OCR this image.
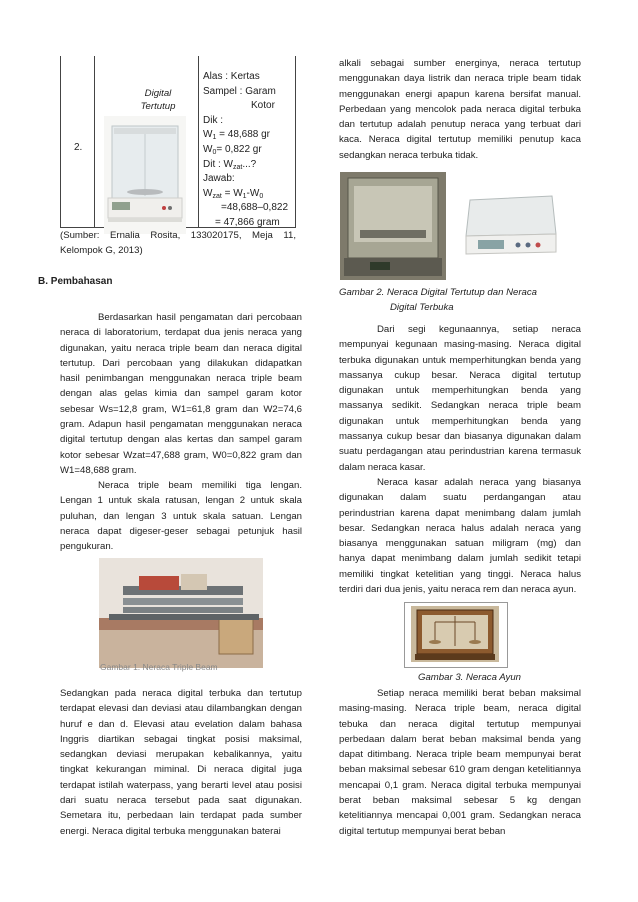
2.
Digital
Tertutup
Alas : Kertas
Sampel : Garam
Kotor
Dik :
$W_1 = 48,688$ gr
$W_0= 0,822$ gr
Dit : $W_{zat}$...?
Jawab:
$W_{zat} = W_1-W_0$
=48,688–0,822
= 47,866 gram
(Sumber: Ernalia Rosita, 133020175, Meja 11, Kelompok G, 2013)
B. Pembahasan

Berdasarkan hasil pengamatan dari percobaan neraca di laboratorium, terdapat dua jenis neraca yang digunakan, yaitu neraca triple beam dan neraca digital tertutup. Dari percobaan yang dilakukan didapatkan hasil penimbangan menggunakan neraca triple beam dengan alas gelas kimia dan sampel garam kotor sebesar Ws=12,8 gram, W1=61,8 gram dan W2=74,6 gram. Adapun hasil pengamatan menggunakan neraca digital tertutup dengan alas kertas dan sampel garam kotor sebesar Wzat=47,688 gram, W0=0,822 gram dan W1=48,688 gram.

Neraca triple beam memiliki tiga lengan. Lengan 1 untuk skala ratusan, lengan 2 untuk skala puluhan, dan lengan 3 untuk skala satuan. Lengan neraca dapat digeser-geser sebagai petunjuk hasil pengukuran.

Gambar 1. Neraca Triple Beam

Sedangkan pada neraca digital terbuka dan tertutup terdapat elevasi dan deviasi atau dilambangkan dengan huruf e dan d. Elevasi atau evelation dalam bahasa Inggris diartikan sebagai tingkat posisi maksimal, sedangkan deviasi merupakan kebalikannya, yaitu tingkat kekurangan miminal. Di neraca digital juga terdapat istilah waterpass, yang berarti level atau posisi dari suatu neraca tersebut pada saat digunakan. Semetara itu, perbedaan lain terdapat pada sumber energi. Neraca digital terbuka menggunakan baterai

alkali sebagai sumber energinya, neraca tertutup menggunakan daya listrik dan neraca triple beam tidak menggunakan energi apapun karena bersifat manual. Perbedaan yang mencolok pada neraca digital terbuka dan tertutup adalah penutup neraca yang terbuat dari kaca. Neraca digital tertutup memiliki penutup kaca sedangkan neraca terbuka tidak.

Gambar 2. Neraca Digital Tertutup dan Neraca
Digital Terbuka

Dari segi kegunaannya, setiap neraca mempunyai kegunaan masing-masing. Neraca digital terbuka digunakan untuk memperhitungkan benda yang massanya cukup besar. Neraca digital tertutup digunakan untuk memperhitungkan benda yang massanya sedikit. Sedangkan neraca triple beam digunakan untuk memperhitungkan benda yang massanya cukup besar dan biasanya digunakan dalam suatu perdagangan atau perindustrian karena termasuk dalam neraca kasar.

Neraca kasar adalah neraca yang biasanya digunakan dalam suatu perdangangan atau perindustrian karena dapat menimbang dalam jumlah besar. Sedangkan neraca halus adalah neraca yang biasanya menggunakan satuan miligram (mg) dan hanya dapat menimbang dalam jumlah sedikit tetapi memiliki tingkat ketelitian yang tinggi. Neraca halus terdiri dari dua jenis, yaitu neraca rem dan neraca ayun.

Gambar 3. Neraca Ayun

Setiap neraca memiliki berat beban maksimal masing-masing. Neraca triple beam, neraca digital tebuka dan neraca digital tertutup mempunyai perbedaan dalam berat beban maksimal benda yang dapat ditimbang. Neraca triple beam mempunyai berat beban maksimal sebesar 610 gram dengan ketelitiannya mencapai 0,1 gram. Neraca digital terbuka mempunyai berat beban maksimal sebesar 5 kg dengan ketelitiannya mencapai 0,001 gram. Sedangkan neraca digital tertutup mempunyai berat beban
